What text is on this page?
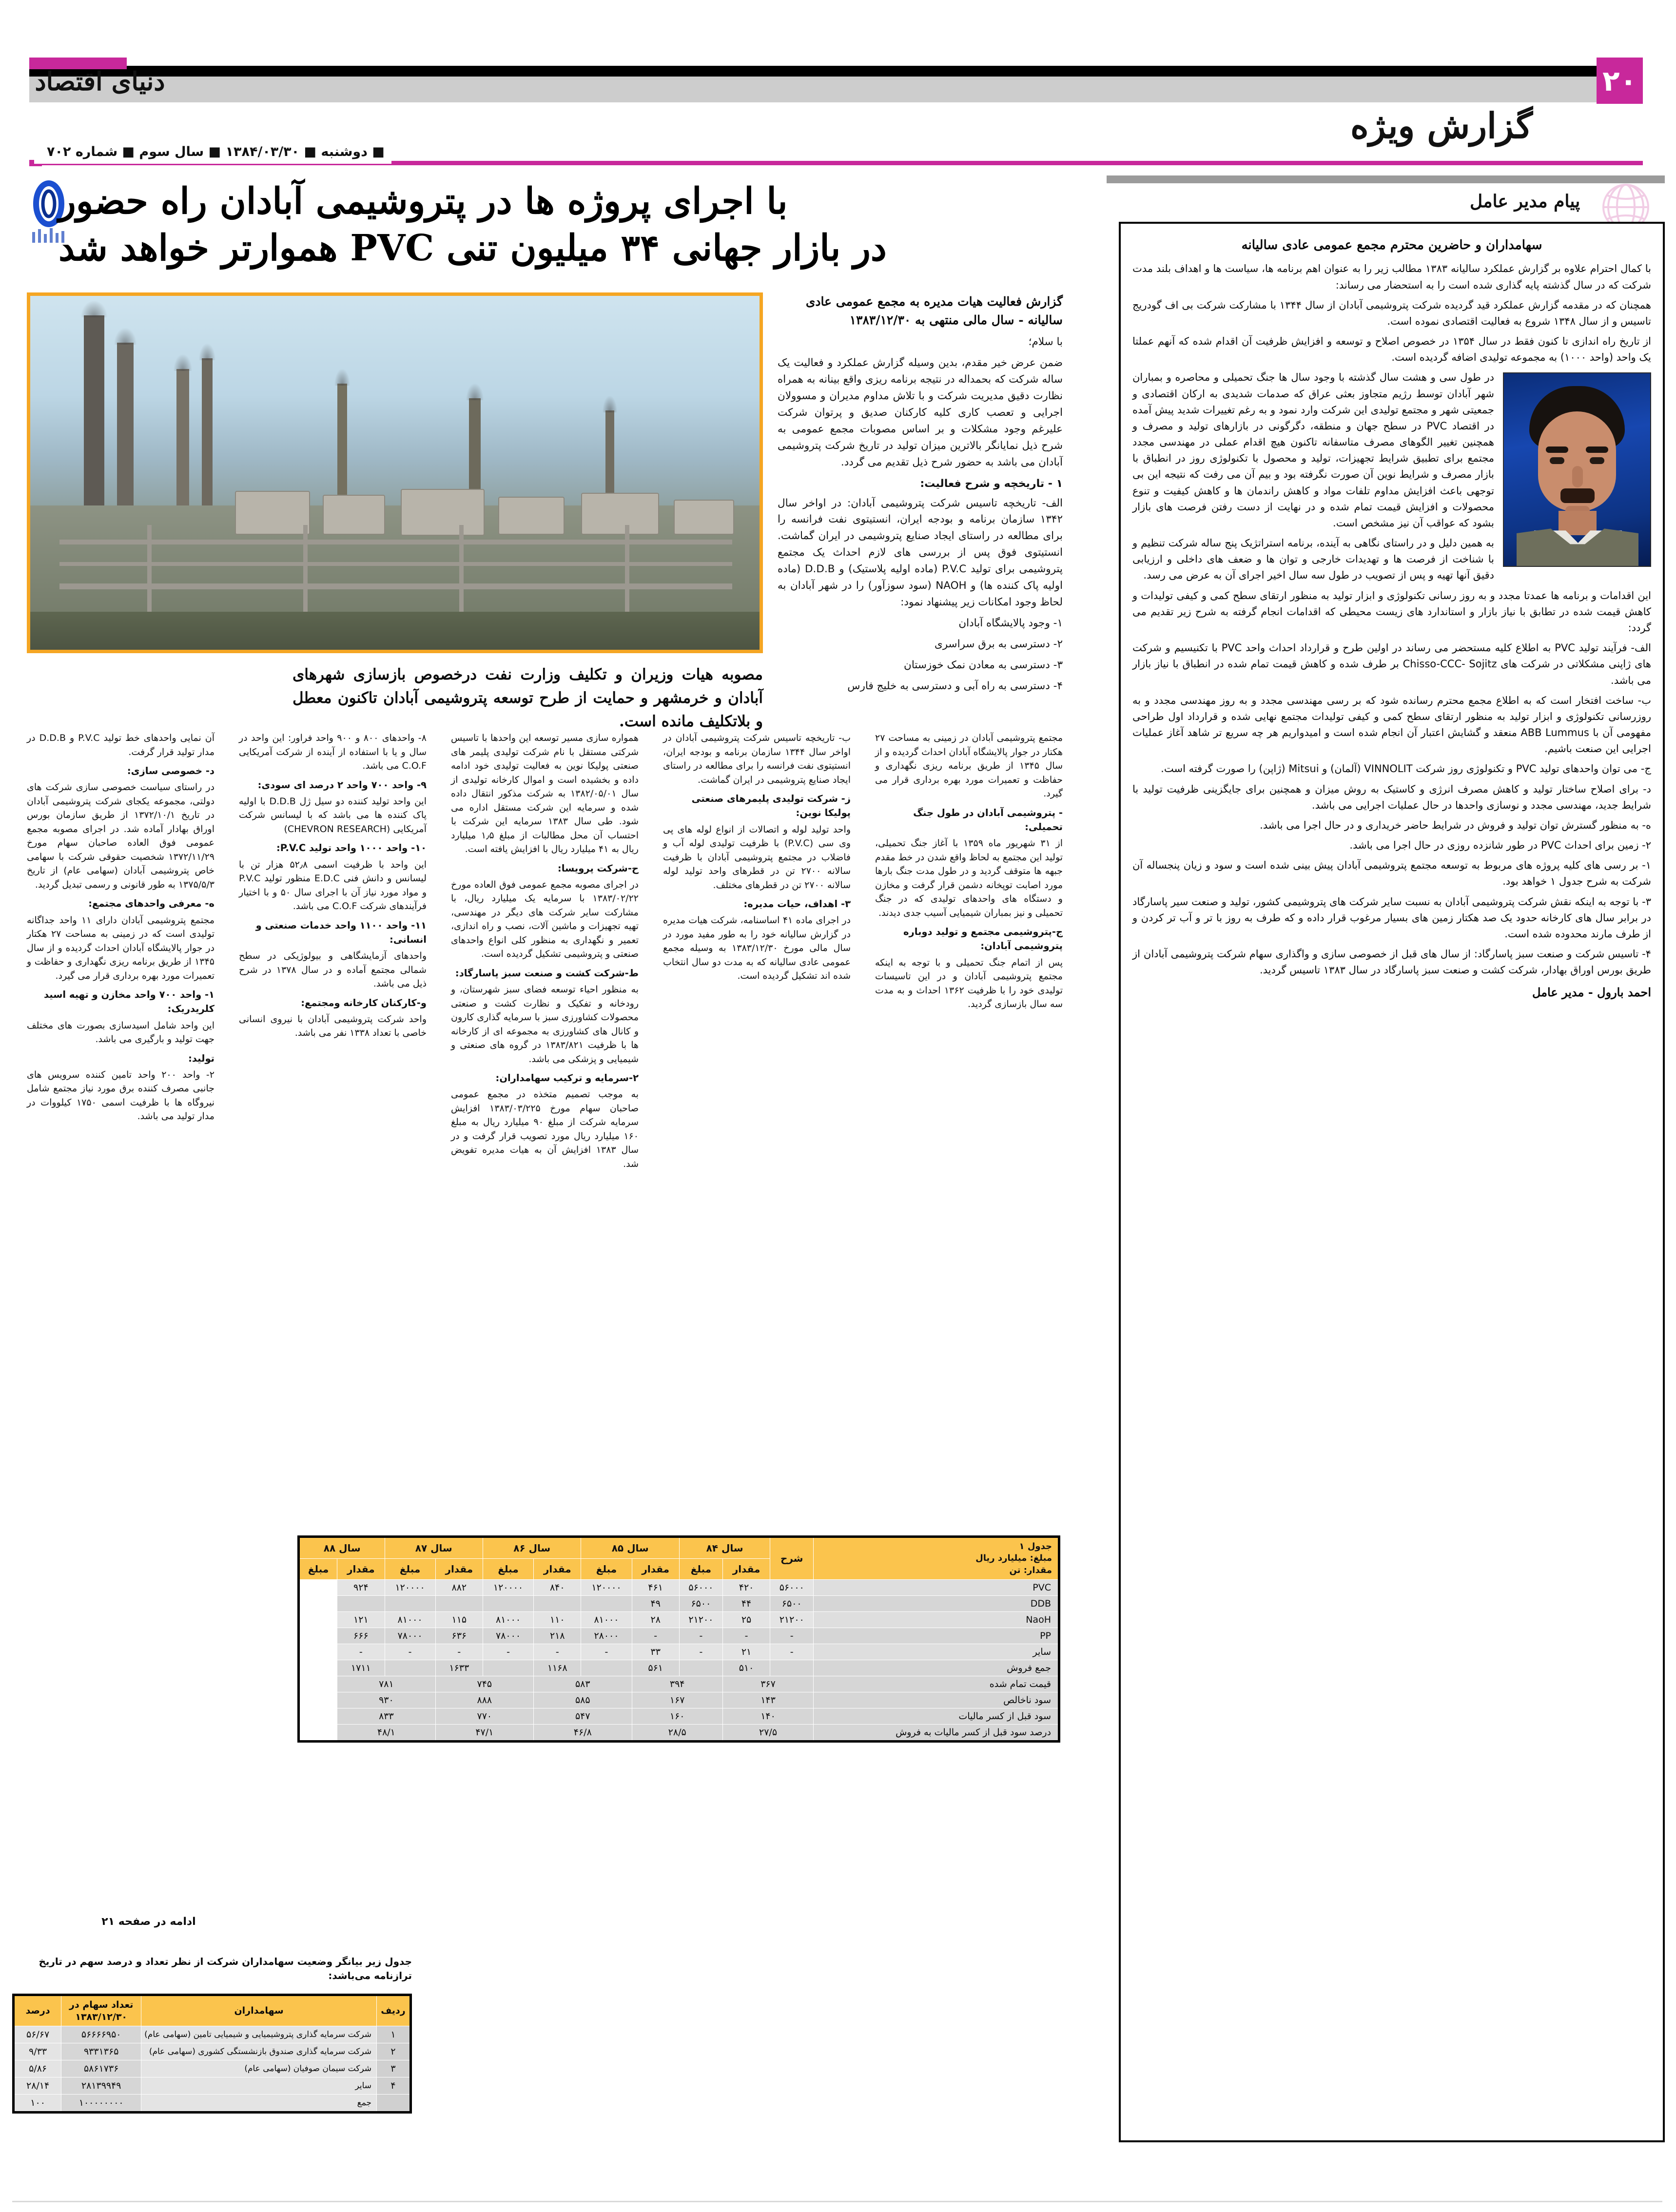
دنیای اقتصاد
گزارش ویژه
۲۰
■ دوشنبه ■ ۱۳۸۴/۰۳/۳۰ ■ سال سوم ■ شماره ۷۰۲
با اجرای پروژه ها در پتروشیمی آبادان راه حضور
در بازار جهانی ۳۴ میلیون تنی PVC هموارتر خواهد شد
مصوبه هیات وزیران و تکلیف وزارت نفت درخصوص بازسازی شهرهای آبادان و خرمشهر و حمایت از طرح توسعه پتروشیمی آبادان تاکنون معطل و بلاتکلیف مانده است.
گزارش فعالیت هیات مدیره به مجمع عمومی عادی سالیانه - سال مالی منتهی به ۱۳۸۳/۱۲/۳۰

با سلام؛

ضمن عرض خیر مقدم، بدین وسیله گزارش عملکرد و فعالیت یک ساله شرکت که بحمداله در نتیجه برنامه ریزی واقع بینانه به همراه نظارت دقیق مدیریت شرکت و با تلاش مداوم مدیران و مسوولان اجرایی و تعصب کاری کلیه کارکنان صدیق و پرتوان شرکت علیرغم وجود مشکلات و بر اساس مصوبات مجمع عمومی به شرح ذیل نمایانگر بالاترین میزان تولید در تاریخ شرکت پتروشیمی آبادان می باشد به حضور شرح ذیل تقدیم می گردد.

۱ - تاریخچه و شرح فعالیت:

الف- تاریخچه تاسیس شرکت پتروشیمی آبادان: در اواخر سال ۱۳۴۲ سازمان برنامه و بودجه ایران، انستیتوی نفت فرانسه را برای مطالعه در راستای ایجاد صنایع پتروشیمی در ایران گماشت. انستیتوی فوق پس از بررسی های لازم احداث یک مجتمع پتروشیمی برای تولید P.V.C (ماده اولیه پلاستیک) و D.D.B (ماده اولیه پاک کننده ها) و NAOH (سود سوزآور) را در شهر آبادان به لحاظ وجود امکانات زیر پیشنهاد نمود:

۱- وجود پالایشگاه آبادان

۲- دسترسی به برق سراسری

۳- دسترسی به معادن نمک خوزستان

۴- دسترسی به راه آبی و دسترسی به خلیج فارس

مجتمع پتروشیمی آبادان در زمینی به مساحت ۲۷ هکتار در جوار پالایشگاه آبادان احداث گردیده و از سال ۱۳۴۵ از طریق برنامه ریزی نگهداری و حفاظت و تعمیرات مورد بهره برداری قرار می گیرد.

- پتروشیمی آبادان در طول جنگ تحمیلی:

از ۳۱ شهریور ماه ۱۳۵۹ با آغاز جنگ تحمیلی، تولید این مجتمع به لحاظ واقع شدن در خط مقدم جبهه ها متوقف گردید و در طول مدت جنگ بارها مورد اصابت توپخانه دشمن قرار گرفت و مخازن و دستگاه های واحدهای تولیدی که در جنگ تحمیلی و نیز بمباران شیمیایی آسیب جدی دیدند.

ج-پتروشیمی مجتمع و تولید دوباره پتروشیمی آبادان:

پس از اتمام جنگ تحمیلی و با توجه به اینکه مجتمع پتروشیمی آبادان و در این تاسیسات تولیدی خود را با ظرفیت ۱۳۶۲ احداث و به مدت سه سال بازسازی گردید.

ب- تاریخچه تاسیس شرکت پتروشیمی آبادان در اواخر سال ۱۳۴۴ سازمان برنامه و بودجه ایران، انستیتوی نفت فرانسه را برای مطالعه در راستای ایجاد صنایع پتروشیمی در ایران گماشت.

ز- شرکت تولیدی پلیمرهای صنعتی پولیکا نوین:

واحد تولید لوله و اتصالات از انواع لوله های پی وی سی (P.V.C) با ظرفیت تولیدی لوله آب و فاضلاب در مجتمع پتروشیمی آبادان با ظرفیت سالانه ۲۷۰۰ تن در قطرهای واحد تولید لوله سالانه ۲۷۰۰ تن در قطرهای مختلف.

۳- اهداف، حیات مدیره:

در اجرای ماده ۴۱ اساسنامه، شرکت هیات مدیره در گزارش سالیانه خود را به طور مفید مورد در سال مالی مورخ ۱۳۸۳/۱۲/۳۰ به وسیله مجمع عمومی عادی سالیانه که به مدت دو سال انتخاب شده اند تشکیل گردیده است.

همواره سازی مسیر توسعه این واحدها با تاسیس شرکتی مستقل با نام شرکت تولیدی پلیمر های صنعتی پولیکا نوین به فعالیت تولیدی خود ادامه داده و بخشیده است و اموال کارخانه تولیدی از سال ۱۳۸۲/۰۵/۰۱ به شرکت مذکور انتقال داده شده و سرمایه این شرکت مستقل اداره می شود. طی سال ۱۳۸۳ سرمایه این شرکت با احتساب آن محل مطالبات از مبلغ ۱٫۵ میلیارد ریال به ۴۱ میلیارد ریال با افزایش یافته است.

ح-شرکت پرویسا:

در اجرای مصوبه مجمع عمومی فوق العاده مورخ ۱۳۸۳/۰۲/۲۲ با سرمایه یک میلیارد ریال، با مشارکت سایر شرکت های دیگر در مهندسی، تهیه تجهیزات و ماشین آلات، نصب و راه اندازی، تعمیر و نگهداری به منظور کلی انواع واحدهای صنعتی و پتروشیمی تشکیل گردیده است.

ط-شرکت کشت و صنعت سبز پاسارگاد:

به منظور احیاء توسعه فضای سبز شهرستان، و رودخانه و تفکیک و نظارت کشت و صنعتی محصولات کشاورزی سبز با سرمایه گذاری کارون و کانال های کشاورزی به مجموعه ای از کارخانه ها با ظرفیت ۱۳۸۳/۸۲۱ در گروه های صنعتی و شیمیایی و پزشکی می باشد.

۲-سرمایه و ترکیب سهامداران:

به موجب تصمیم متخذه در مجمع عمومی صاحبان سهام مورخ ۱۳۸۳/۰۳/۲۲۵ افزایش سرمایه شرکت از مبلغ ۹۰ میلیارد ریال به مبلغ ۱۶۰ میلیارد ریال مورد تصویب قرار گرفت و در سال ۱۳۸۳ افزایش آن به هیات مدیره تفویض شد.

۸- واحدهای ۸۰۰ و ۹۰۰ واحد فراور: این واحد در سال و یا با استفاده از آینده از شرکت آمریکایی C.O.F می باشد.

۹- واحد ۷۰۰ واحد ۲ درصد ای سودی:

این واحد تولید کننده دو سیل ژل D.D.B با اولیه پاک کننده ها می باشد که با لیسانس شرکت آمریکایی (CHEVRON RESEARCH)

۱۰- واحد ۱۰۰۰ واحد تولید P.V.C:

این واحد با ظرفیت اسمی ۵۲٫۸ هزار تن با لیسانس و دانش فنی E.D.C منظور تولید P.V.C و مواد مورد نیاز آن با اجرای سال ۵۰ و با اختیار فرآیندهای شرکت C.O.F می باشد.

۱۱- واحد ۱۱۰۰ واحد خدمات صنعتی و انسانی:

واحدهای آزمایشگاهی و بیولوژیکی در سطح شمالی مجتمع آماده و در سال ۱۳۷۸ در شرح ذیل می باشد.

و-کارکنان کارخانه ومجتمع:

واحد شرکت پتروشیمی آبادان با نیروی انسانی خاصی با تعداد ۱۳۳۸ نفر می باشد.

آن نمایی واحدهای خط تولید P.V.C و D.D.B در مدار تولید قرار گرفت.

د- خصوصی سازی:

در راستای سیاست خصوصی سازی شرکت های دولتی، مجموعه یکجای شرکت پتروشیمی آبادان در تاریخ ۱۳۷۲/۱۰/۱ از طریق سازمان بورس اوراق بهادار آماده شد. در اجرای مصوبه مجمع عمومی فوق العاده صاحبان سهام مورخ ۱۳۷۲/۱۱/۲۹ شخصیت حقوقی شرکت با سهامی خاص پتروشیمی آبادان (سهامی عام) از تاریخ ۱۳۷۵/۵/۳ به طور قانونی و رسمی تبدیل گردید.

ه- معرفی واحدهای مجتمع:

مجتمع پتروشیمی آبادان دارای ۱۱ واحد جداگانه تولیدی است که در زمینی به مساحت ۲۷ هکتار در جوار پالایشگاه آبادان احداث گردیده و از سال ۱۳۴۵ از طریق برنامه ریزی نگهداری و حفاظت و تعمیرات مورد بهره برداری قرار می گیرد.

۱- واحد ۷۰۰ واحد مخازن و تهیه اسید کلریدریک:

این واحد شامل اسیدسازی بصورت های مختلف جهت تولید و بارگیری می باشد.

تولید:

۲- واحد ۲۰۰ واحد تامین کننده سرویس های جانبی مصرف کننده برق مورد نیاز مجتمع شامل نیروگاه ها با ظرفیت اسمی ۱۷۵۰ کیلووات در مدار تولید می باشد.

جدول ۱
مبلغ: میلیارد ریال
مقدار: تن	شرح	سال ۸۴		سال ۸۵		سال ۸۶		سال ۸۷		سال ۸۸	
		مقدار	مبلغ	مقدار	مبلغ	مقدار	مبلغ	مقدار	مبلغ	مقدار	مبلغ
PVC	۵۶۰۰۰	۴۲۰	۵۶۰۰۰	۴۶۱	۱۲۰۰۰۰	۸۴۰	۱۲۰۰۰۰	۸۸۲	۱۲۰۰۰۰	۹۲۴	
DDB	۶۵۰۰	۴۴	۶۵۰۰	۴۹							
NaoH	۲۱۲۰۰	۲۵	۲۱۲۰۰	۲۸	۸۱۰۰۰	۱۱۰	۸۱۰۰۰	۱۱۵	۸۱۰۰۰	۱۲۱	
PP	-	-	-	-	۲۸۰۰۰	۲۱۸	۷۸۰۰۰	۶۳۶	۷۸۰۰۰	۶۶۶	
سایر	-	۲۱	-	۳۳	-	-	-	-	-	-	
جمع فروش		۵۱۰		۵۶۱		۱۱۶۸		۱۶۳۳		۱۷۱۱	
قیمت تمام شده	۳۶۷		۳۹۴		۵۸۳		۷۴۵		۷۸۱		
سود ناخالص	۱۴۳		۱۶۷		۵۸۵		۸۸۸		۹۳۰		
سود قبل از کسر مالیات	۱۴۰		۱۶۰		۵۴۷		۷۷۰		۸۳۳		
درصد سود قبل از کسر مالیات به فروش	۲۷/۵		۲۸/۵		۴۶/۸		۴۷/۱		۴۸/۱		
ادامه در صفحه ۲۱
جدول زیر بیانگر وضعیت سهامداران شرکت از نظر تعداد و درصد سهم در تاریخ ترازنامه می‌باشد:
ردیف	سهامداران	تعداد سهام در ۱۳۸۳/۱۲/۳۰	درصد
۱	شرکت سرمایه گذاری پتروشیمیایی و شیمیایی تامین (سهامی عام)	۵۶۶۶۶۹۵۰	۵۶/۶۷
۲	شرکت سرمایه گذاری صندوق بازنشستگی کشوری (سهامی عام)	۹۳۳۱۳۶۵	۹/۳۳
۳	شرکت سیمان صوفیان (سهامی عام)	۵۸۶۱۷۳۶	۵/۸۶
۴	سایر	۲۸۱۳۹۹۴۹	۲۸/۱۴
	جمع	۱۰۰۰۰۰۰۰۰	۱۰۰
پیام مدیر عامل
سهامداران و حاضرین محترم مجمع عمومی عادی سالیانه

با کمال احترام علاوه بر گزارش عملکرد سالیانه ۱۳۸۳ مطالب زیر را به عنوان اهم برنامه ها، سیاست ها و اهداف بلند مدت شرکت که در سال گذشته پایه گذاری شده است را به استحضار می رساند:

همچنان که در مقدمه گزارش عملکرد قید گردیده شرکت پتروشیمی آبادان از سال ۱۳۴۴ با مشارکت شرکت بی اف گودریج تاسیس و از سال ۱۳۴۸ شروع به فعالیت اقتصادی نموده است.

از تاریخ راه اندازی تا کنون فقط در سال ۱۳۵۴ در خصوص اصلاح و توسعه و افزایش ظرفیت آن اقدام شده که آنهم عملتا یک واحد (واحد ۱۰۰۰) به مجموعه تولیدی اضافه گردیده است.

در طول سی و هشت سال گذشته با وجود سال ها جنگ تحمیلی و محاصره و بمباران شهر آبادان توسط رژیم متجاوز بعثی عراق که صدمات شدیدی به ارکان اقتصادی و جمعیتی شهر و مجتمع تولیدی این شرکت وارد نمود و به رغم تغییرات شدید پیش آمده در اقتصاد PVC در سطح جهان و منطقه، دگرگونی در بازارهای تولید و مصرف و همچنین تغییر الگوهای مصرف متاسفانه تاکنون هیچ اقدام عملی در مهندسی مجدد مجتمع برای تطبیق شرایط تجهیزات، تولید و محصول با تکنولوژی روز در انطباق با بازار مصرف و شرایط نوین آن صورت نگرفته بود و بیم آن می رفت که نتیجه این بی توجهی باعث افزایش مداوم تلفات مواد و کاهش راندمان ها و کاهش کیفیت و تنوع محصولات و افزایش قیمت تمام شده و در نهایت از دست رفتن فرصت های بازار بشود که عواقب آن نیز مشخص است.

به همین دلیل و در راستای نگاهی به آینده، برنامه استراتژیک پنج ساله شرکت تنظیم و با شناخت از فرصت ها و تهدیدات خارجی و توان ها و ضعف های داخلی و ارزیابی دقیق آنها تهیه و پس از تصویب در طول سه سال اخیر اجرای آن به عرض می رسد.

این اقدامات و برنامه ها عمدتا مجدد و به روز رسانی تکنولوژی و ابزار تولید به منظور ارتقای سطح کمی و کیفی تولیدات و کاهش قیمت شده در تطابق با نیاز بازار و استاندارد های زیست محیطی که اقدامات انجام گرفته به شرح زیر تقدیم می گردد:

الف- فرآیند تولید PVC به اطلاع کلیه مستحضر می رساند در اولین طرح و قرارداد احداث واحد PVC با تکنیسیم و شرکت های ژاپنی مشکلاتی در شرکت های Chisso-CCC- Sojitz بر طرف شده و کاهش قیمت تمام شده در انطباق با نیاز بازار می باشد.

ب- ساخت افتخار است که به اطلاع مجمع محترم رسانده شود که بر رسی مهندسی مجدد و به روز مهندسی مجدد و به روزرسانی تکنولوژی و ابزار تولید به منظور ارتقای سطح کمی و کیفی تولیدات مجتمع نهایی شده و قرارداد اول طراحی مفهومی آن با ABB Lummus منعقد و گشایش اعتبار آن انجام شده است و امیدواریم هر چه سریع تر شاهد آغاز عملیات اجرایی این صنعت باشیم.

ج- می توان واحدهای تولید PVC و تکنولوژی روز شرکت VINNOLIT (آلمان) و Mitsui (ژاپن) را صورت گرفته است.

د- برای اصلاح ساختار تولید و کاهش مصرف انرژی و کاستیک به روش میزان و همچنین برای جایگزینی ظرفیت تولید با شرایط جدید، مهندسی مجدد و نوسازی واحدها در حال عملیات اجرایی می باشد.

ه- به منظور گسترش توان تولید و فروش در شرایط حاضر خریداری و در حال اجرا می باشد.

۲- زمین برای احداث PVC در طور شانزده روزی در حال اجرا می باشد.

۱- بر رسی های کلیه پروژه های مربوط به توسعه مجتمع پتروشیمی آبادان پیش بینی شده است و سود و زیان پنجساله آن شرکت به شرح جدول ۱ خواهد بود.

۳- با توجه به اینکه نقش شرکت پتروشیمی آبادان به نسبت سایر شرکت های پتروشیمی کشور، تولید و صنعت سیر پاسارگاد در برابر سال های کارخانه حدود یک صد هکتار زمین های بسیار مرغوب قرار داده و که طرف به روز با تر و آب تر کردن و از طرف مارند محدوده شده است.

۴- تاسیس شرکت و صنعت سبز پاسارگاد: از سال های قبل از خصوصی سازی و واگذاری سهام شرکت پتروشیمی آبادان از طریق بورس اوراق بهادار، شرکت کشت و صنعت سبز پاسارگاد در سال ۱۳۸۳ تاسیس گردید.

احمد بارول - مدیر عامل
